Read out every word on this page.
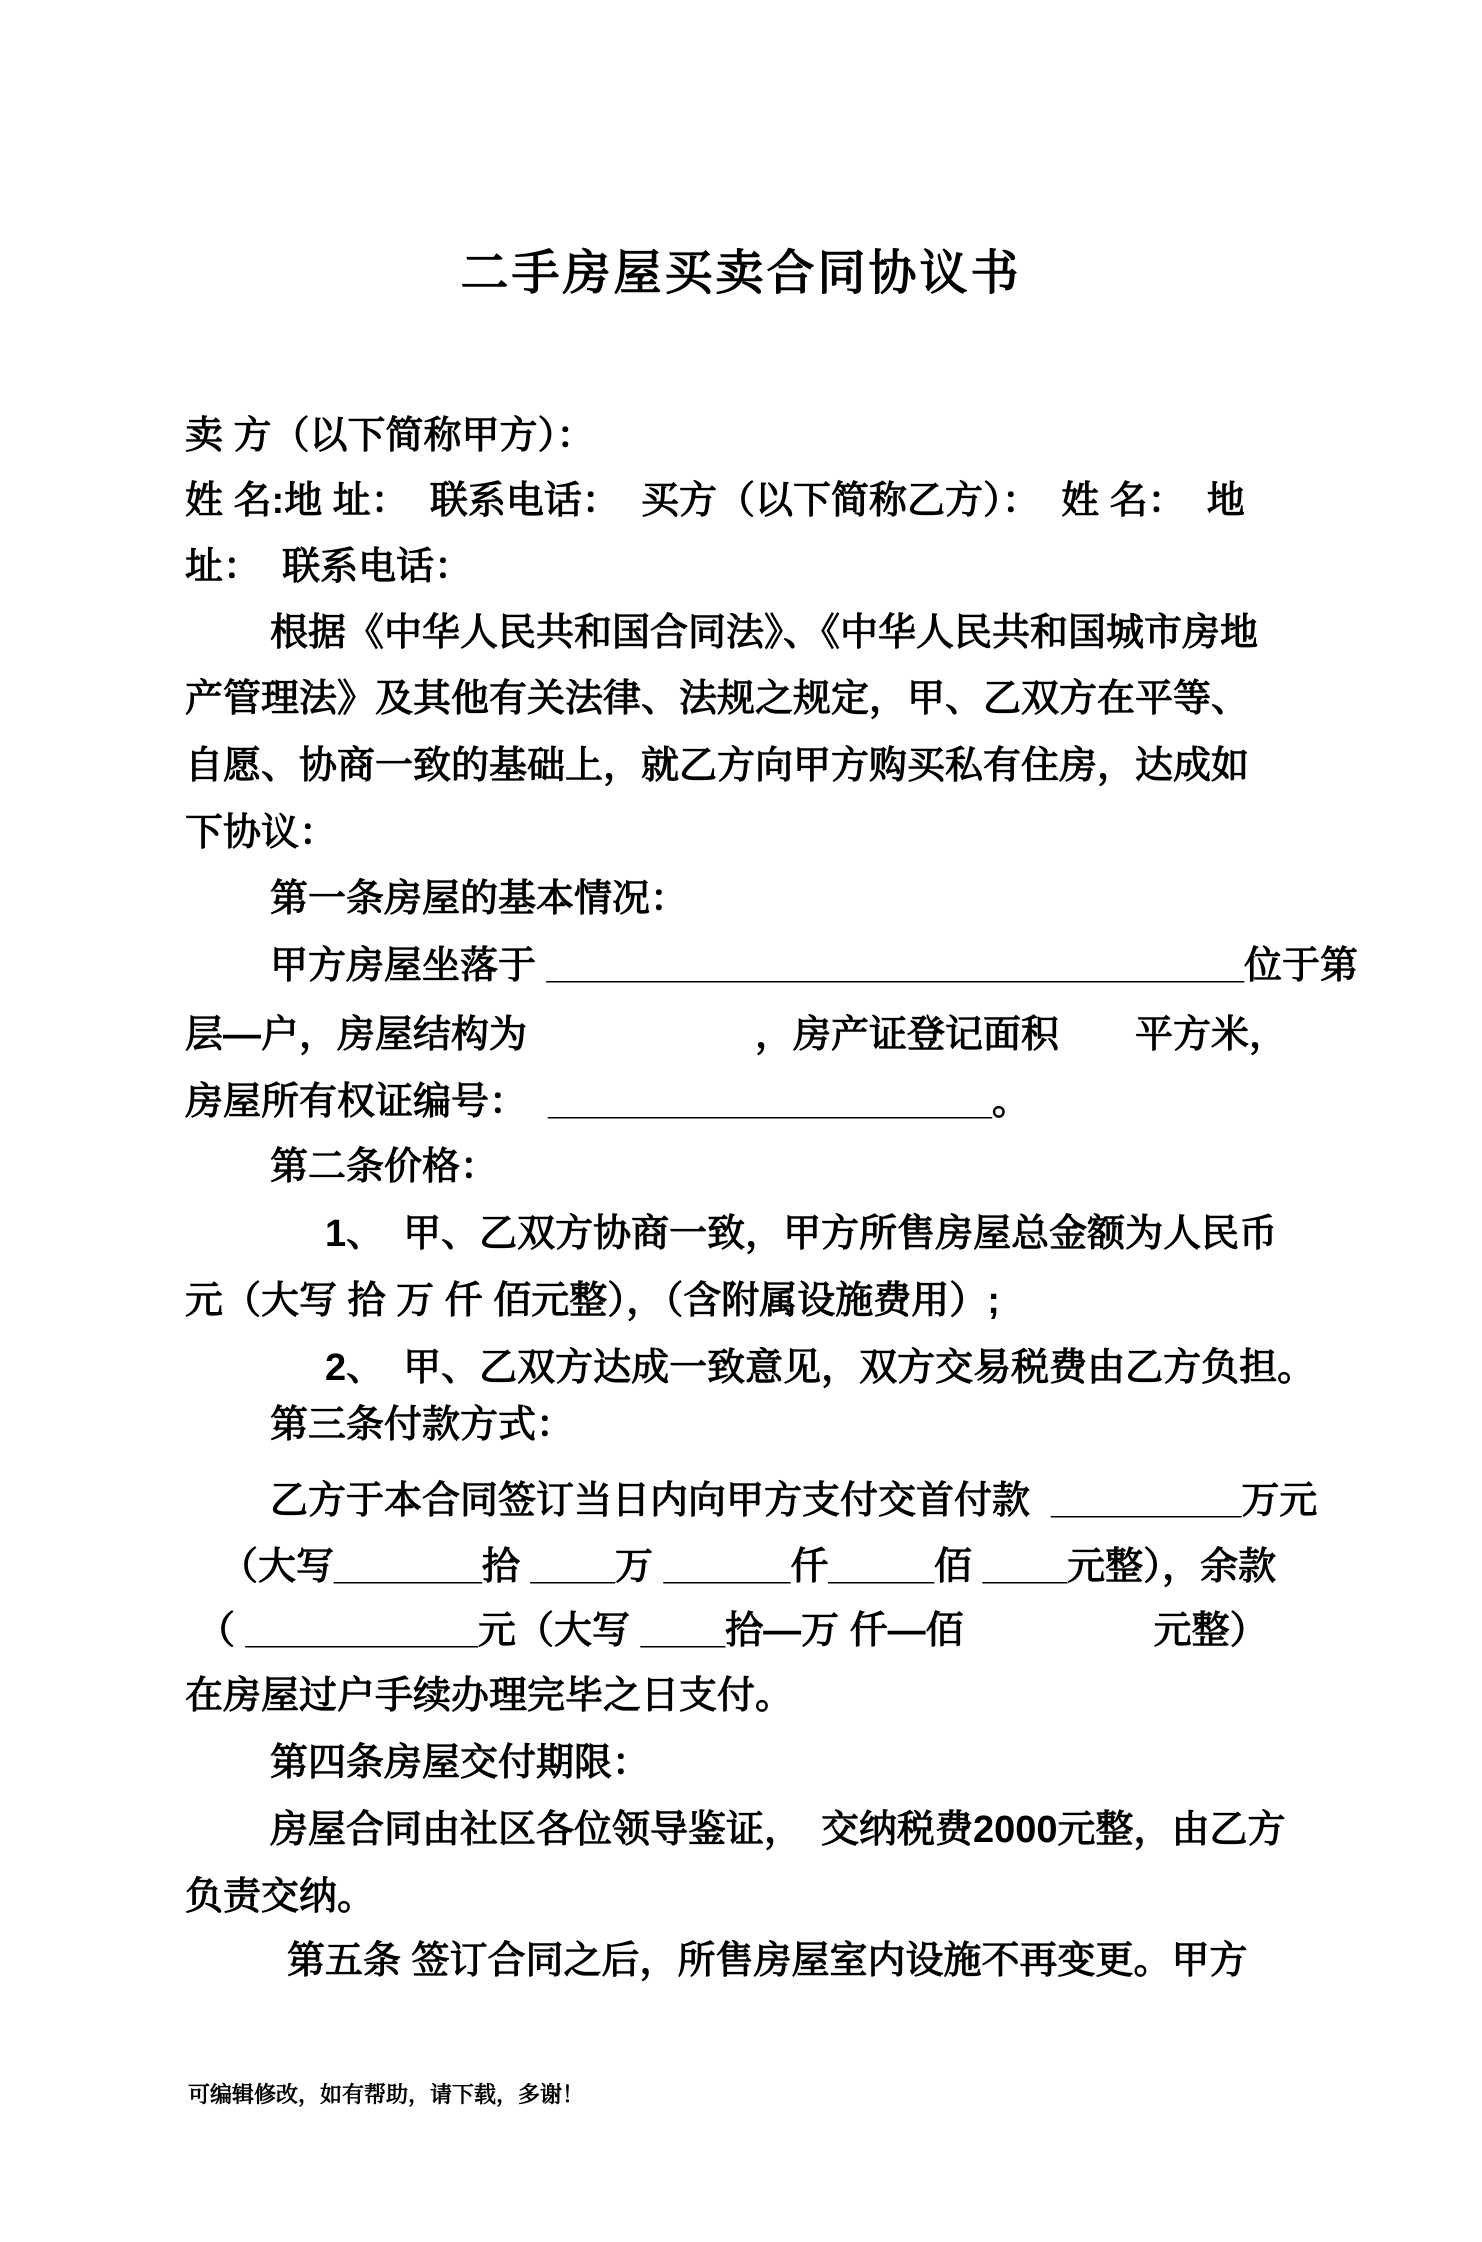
二手房屋买卖合同协议书
卖 方（以下简称甲方）：
姓 名:地 址：  联系电话：  买方（以下简称乙方）：  姓 名：  地
址：  联系电话：
根据《中华人民共和国合同法》、《中华人民共和国城市房地
产管理法》及其他有关法律、法规之规定，甲、乙双方在平等、
自愿、协商一致的基础上，就乙方向甲方购买私有住房，达成如
下协议：
第一条房屋的基本情况：
甲方房屋坐落于 _________________________________位于第
层—户，房屋结构为　　　　　　，房产证登记面积　　平方米，
房屋所有权证编号：  _____________________。
第二条价格：
1、　甲、乙双方协商一致，甲方所售房屋总金额为人民币
元（大写 拾 万 仟 佰元整），（含附属设施费用）;
2、　甲、乙双方达成一致意见，双方交易税费由乙方负担。
第三条付款方式：
乙方于本合同签订当日内向甲方支付交首付款  _________万元
（大写_______拾 ____万 ______仟_____佰 ____元整），余款
（ ___________元（大写 ____拾—万 仟—佰　　　　　元整）
在房屋过户手续办理完毕之日支付。
第四条房屋交付期限：
房屋合同由社区各位领导鉴证，　交纳税费2000元整，由乙方
负责交纳。
第五条 签订合同之后，所售房屋室内设施不再变更。甲方
可编辑修改，如有帮助，请下载，多谢！
